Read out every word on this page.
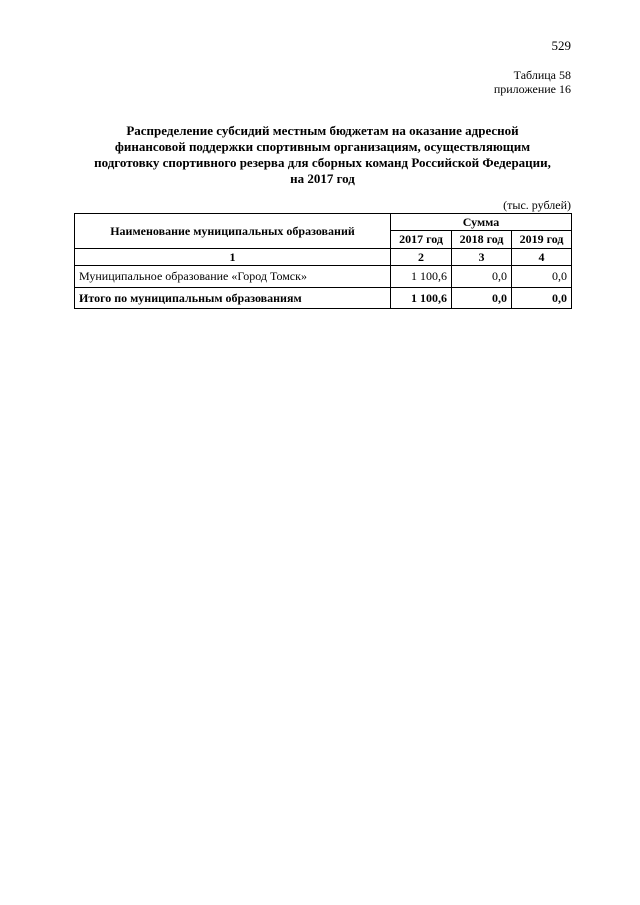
529
Таблица 58
приложение 16
Распределение субсидий местным бюджетам на оказание адресной
финансовой поддержки спортивным организациям, осуществляющим
подготовку спортивного резерва для сборных команд Российской Федерации,
на 2017 год
(тыс. рублей)
Наименование муниципальных образований	Сумма		
	2017 год	2018 год	2019 год
1	2	3	4
Муниципальное образование «Город Томск»	1 100,6	0,0	0,0
Итого по муниципальным образованиям	1 100,6	0,0	0,0
